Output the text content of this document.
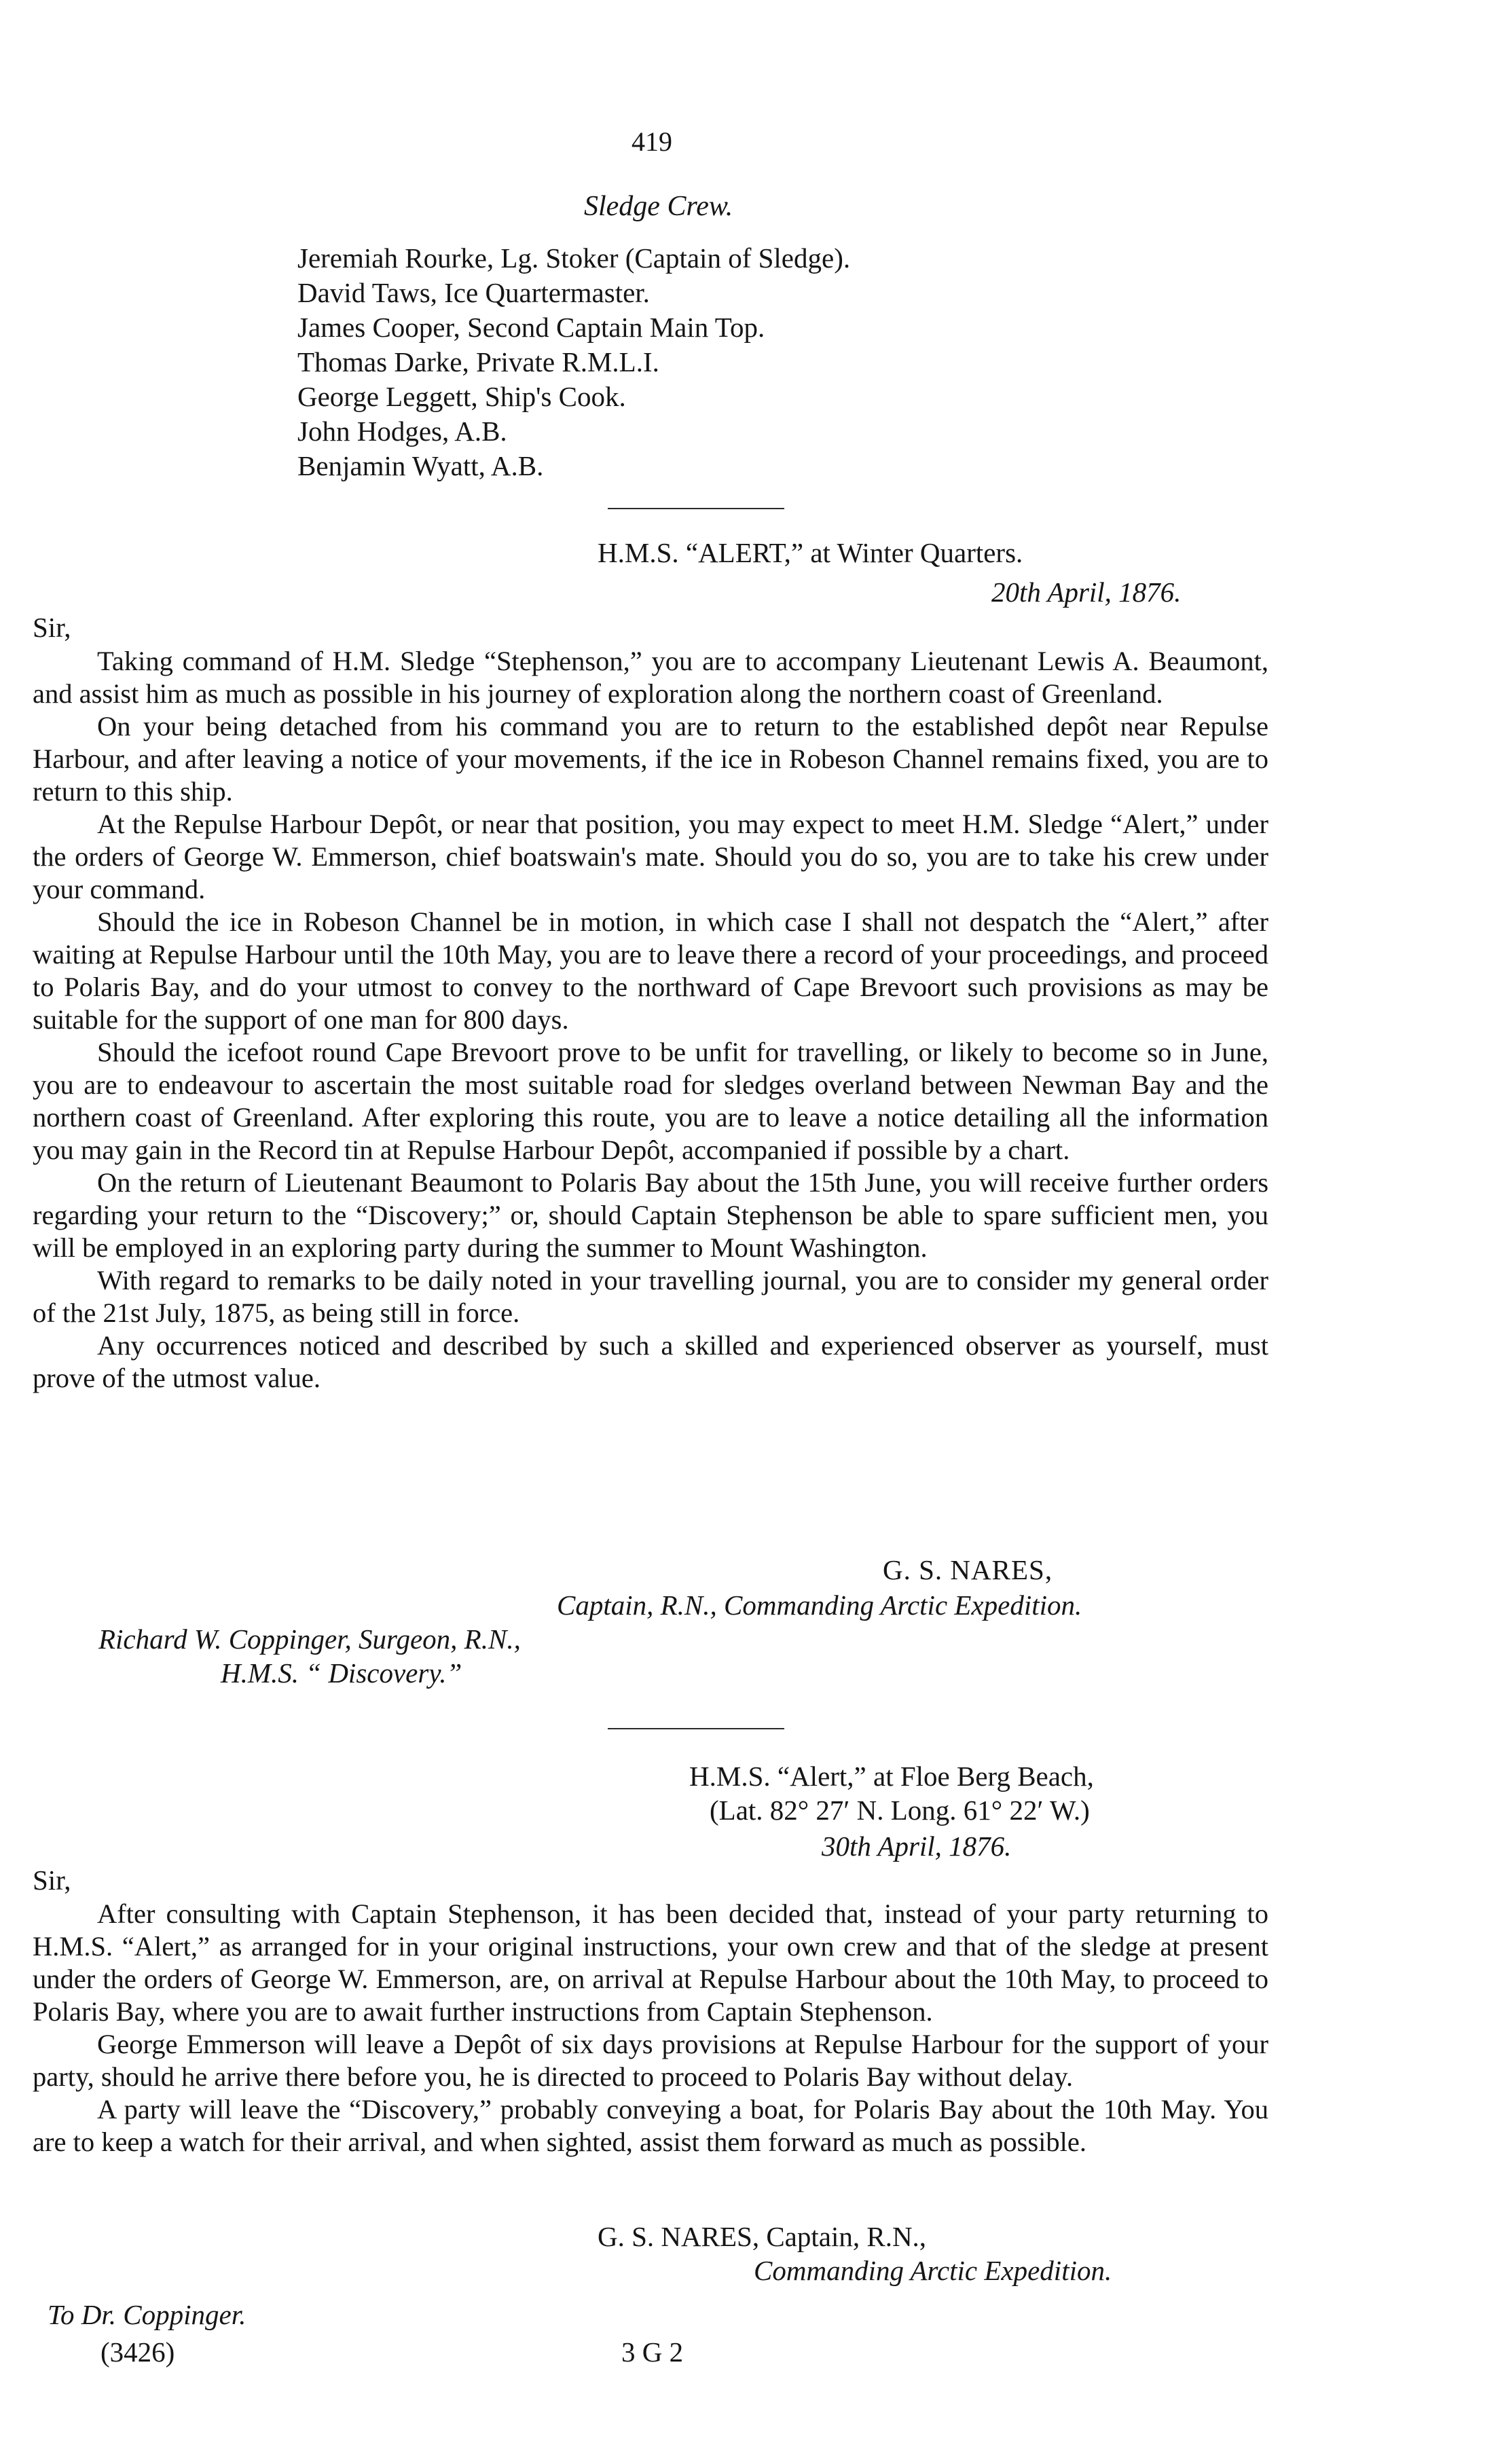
419
Sledge Crew.
Jeremiah Rourke, Lg. Stoker (Captain of Sledge).
David Taws, Ice Quartermaster.
James Cooper, Second Captain Main Top.
Thomas Darke, Private R.M.L.I.
George Leggett, Ship's Cook.
John Hodges, A.B.
Benjamin Wyatt, A.B.
H.M.S. “ALERT,” at Winter Quarters.
20th April, 1876.
Sir,

Taking command of H.M. Sledge “Stephenson,” you are to accompany Lieutenant Lewis A. Beaumont, and assist him as much as possible in his journey of exploration along the northern coast of Greenland.

On your being detached from his command you are to return to the established depôt near Repulse Harbour, and after leaving a notice of your movements, if the ice in Robeson Channel remains fixed, you are to return to this ship.

At the Repulse Harbour Depôt, or near that position, you may expect to meet H.M. Sledge “Alert,” under the orders of George W. Emmerson, chief boatswain's mate. Should you do so, you are to take his crew under your command.

Should the ice in Robeson Channel be in motion, in which case I shall not despatch the “Alert,” after waiting at Repulse Harbour until the 10th May, you are to leave there a record of your proceedings, and proceed to Polaris Bay, and do your utmost to convey to the northward of Cape Brevoort such provisions as may be suitable for the support of one man for 800 days.

Should the icefoot round Cape Brevoort prove to be unfit for travelling, or likely to become so in June, you are to endeavour to ascertain the most suitable road for sledges overland between Newman Bay and the northern coast of Greenland. After exploring this route, you are to leave a notice detailing all the information you may gain in the Record tin at Repulse Harbour Depôt, accompanied if possible by a chart.

On the return of Lieutenant Beaumont to Polaris Bay about the 15th June, you will receive further orders regarding your return to the “Discovery;” or, should Captain Stephenson be able to spare sufficient men, you will be employed in an exploring party during the summer to Mount Washington.

With regard to remarks to be daily noted in your travelling journal, you are to consider my general order of the 21st July, 1875, as being still in force.

Any occurrences noticed and described by such a skilled and experienced observer as yourself, must prove of the utmost value.

G. S. NARES,
Captain, R.N., Commanding Arctic Expedition.
Richard W. Coppinger, Surgeon, R.N.,
H.M.S. “ Discovery.”
H.M.S. “Alert,” at Floe Berg Beach,
(Lat. 82° 27′ N. Long. 61° 22′ W.)
30th April, 1876.
Sir,

After consulting with Captain Stephenson, it has been decided that, instead of your party returning to H.M.S. “Alert,” as arranged for in your original instructions, your own crew and that of the sledge at present under the orders of George W. Emmerson, are, on arrival at Repulse Harbour about the 10th May, to proceed to Polaris Bay, where you are to await further instructions from Captain Stephenson.

George Emmerson will leave a Depôt of six days provisions at Repulse Harbour for the support of your party, should he arrive there before you, he is directed to proceed to Polaris Bay without delay.

A party will leave the “Discovery,” probably conveying a boat, for Polaris Bay about the 10th May. You are to keep a watch for their arrival, and when sighted, assist them forward as much as possible.

G. S. NARES, Captain, R.N.,
Commanding Arctic Expedition.
To Dr. Coppinger.
(3426)	3 G 2
